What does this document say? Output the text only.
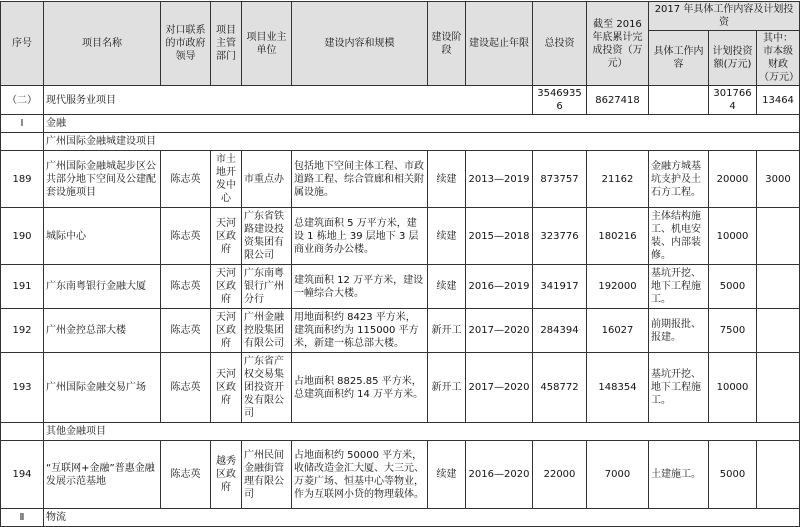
序号	项目名称	对口联系的市政府领导	项目主管部门	项目业主单位	建设内容和规模	建设阶段	建设起止年限	总投资	截至 2016 年底累计完成投资（万元）	2017 年具体工作内容及计划投资		
										具体工作内容	计划投资额(万元)	其中：市本级财政（万元）
（二）	现代服务业项目							35469356	8627418		3017664	13464
Ⅰ	金融											
	广州国际金融城建设项目											
189	广州国际金融城起步区公共部分地下空间及公建配套设施项目	陈志英	市土地开发中心	市重点办	包括地下空间主体工程、市政道路工程、综合管廊和相关附属设施。	续建	2013—2019	873757	21162	金融方城基坑支护及土石方工程。	20000	3000
190	城际中心	陈志英	天河区政府	广东省铁路建设投资集团有限公司	总建筑面积 5 万平方米，建设 1 栋地上 39 层地下 3 层商业商务办公楼。	续建	2015—2018	323776	180216	主体结构施工、机电安装、内部装修。	10000	
191	广东南粤银行金融大厦	陈志英	天河区政府	广东南粤银行广州分行	建筑面积 12 万平方米，建设一幢综合大楼。	续建	2016—2019	341917	192000	基坑开挖、地下工程施工。	5000	
192	广州金控总部大楼	陈志英	天河区政府	广州金融控股集团有限公司	用地面积约 8423 平方米，建筑面积约为 115000 平方米，新建一栋总部大楼。	新开工	2017—2020	284394	16027	前期报批、报建。	7500	
193	广州国际金融交易广场	陈志英	天河区政府	广东省产权交易集团投资开发有限公司	占地面积 8825.85 平方米，总建筑面积约 14 万平方米。	新开工	2017—2020	458772	148354	基坑开挖、地下工程施工。	10000	
	其他金融项目											
194	“互联网+金融”普惠金融发展示范基地	陈志英	越秀区政府	广州民间金融街管理有限公司	占地面积约 50000 平方米，收储改造金汇大厦、大三元、万菱广场、恒基中心等物业，作为互联网小贷的物理载体。	续建	2016—2020	22000	7000	土建施工。	5000	
Ⅱ	物流											
